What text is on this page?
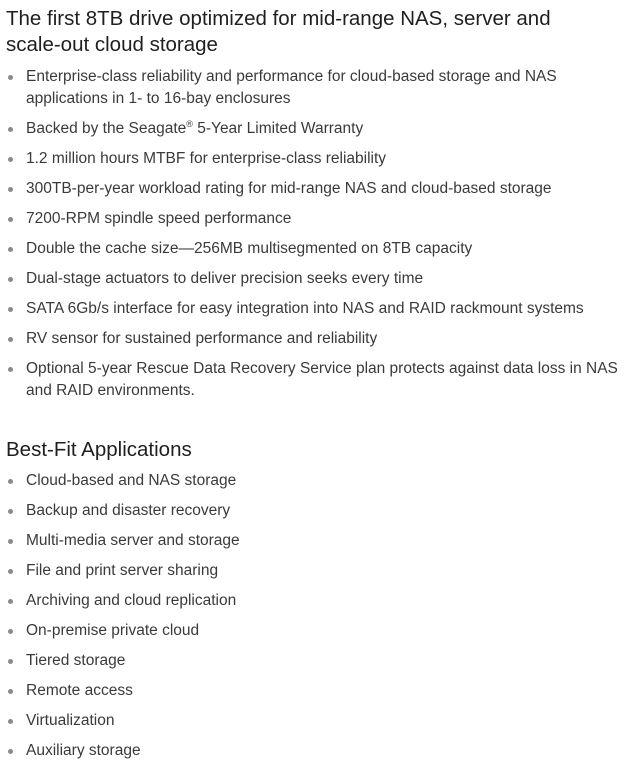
The first 8TB drive optimized for mid-range NAS, server and scale-out cloud storage
Enterprise-class reliability and performance for cloud-based storage and NAS applications in 1- to 16-bay enclosures
Backed by the Seagate® 5-Year Limited Warranty
1.2 million hours MTBF for enterprise-class reliability
300TB-per-year workload rating for mid-range NAS and cloud-based storage
7200-RPM spindle speed performance
Double the cache size—256MB multisegmented on 8TB capacity
Dual-stage actuators to deliver precision seeks every time
SATA 6Gb/s interface for easy integration into NAS and RAID rackmount systems
RV sensor for sustained performance and reliability
Optional 5-year Rescue Data Recovery Service plan protects against data loss in NAS and RAID environments.
Best-Fit Applications
Cloud-based and NAS storage
Backup and disaster recovery
Multi-media server and storage
File and print server sharing
Archiving and cloud replication
On-premise private cloud
Tiered storage
Remote access
Virtualization
Auxiliary storage
